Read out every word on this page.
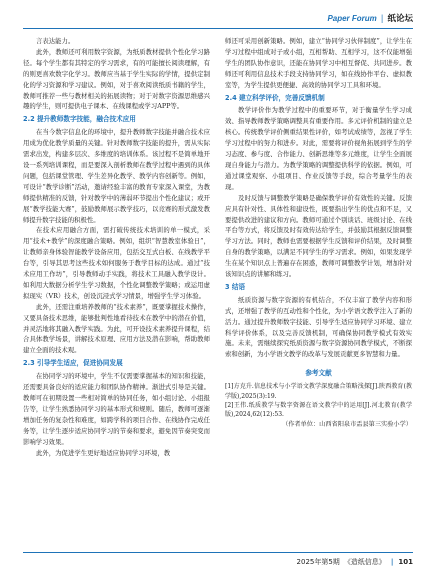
Paper Forum | 纸论坛

言表达能力。

此外，教师还可利用数字资源，为纸质教材提供个性化学习路径。每个学生都有其特定的学习需求，有的可能擅长阅读理解，有的则更喜欢数字化学习。教师应当基于学生实际的学情，提供定制化的学习资源和学习建议。例如，对于喜欢阅读纸质书籍的学生，教师可推荐一些与教材相关的拓展读物；对于对数字资源思维感兴趣的学生，则可提供电子课本、在线课程或学习APP等。

2.2 提升教师数字技能，融合技术应用

在当今数字信息化的环境中，提升教师数字技能并融合技术应用成为优化教学质量的关键。针对教师数字技能的提升，需从实际需求出发，构建多层次、多维度的培训体系。该过程不是简单地开设一系列培训课程，而是要深入剖析教师在教学过程中遇到的具体问题，包括课堂管理、学生差异化教学、教学内容创新等。例如，可设计“教学诊断”活动，邀请经验丰富的教育专家深入课堂，为教师提供精准的反馈，针对教学中的薄弱环节提出个性化建议；或开展“教学技能大赛”，鼓励教师展示教学技巧，以竞赛的形式激发教师提升数字技能的积极性。

在技术应用融合方面，需打破传统技术培训的单一模式，采用“技术+教学”的深度融合策略。例如，组织“智慧教室体验日”，让教师亲身体验智能教学设备应用，包括交互式白板、在线教学平台等，引导其思考这些技术如何服务于教学目标的达成。通过“技术应用工作坊”，引导教师动手实践，将技术工具融入教学设计。如利用大数据分析学生学习数据，个性化调整教学策略；或运用虚拟现实（VR）技术，创设沉浸式学习情景，增强学生学习体验。

此外，还需注重培养教师的“技术素养”，既要掌握技术操作，又要具备技术思维，能够批判性地看待技术在教学中的潜在价值，并灵活地将其融入教学实践。为此，可开设技术素养提升课程，结合具体教学场景，讲解技术原理、应用方法及潜在影响，帮助教师建立全面的技术观。

2.3 引导学生适应，促进协同发展

在协同学习的环境中，学生不仅需要掌握基本的知识和技能，还需要具备良好的适应能力和团队协作精神。渐进式引导是关键。教师可在初期设置一些相对简单的协同任务，如小组讨论、小组报告等，让学生熟悉协同学习的基本形式和规则。随后，教师可逐渐增加任务的复杂性和难度，如跨学科的项目合作、在线协作完成任务等，让学生逐步适应协同学习的节奏和要求，避免因节奏突变而影响学习效果。

此外，为促进学生更好地适应协同学习环境，教

师还可采用创新策略。例如，建立“协同学习伙伴制度”，让学生在学习过程中组成对子或小组，互相帮助、互相学习，这不仅能增强学生的团队协作意识，还能在协同学习中相互督促、共同进步。教师还可利用信息技术手段支持协同学习，如在线协作平台、虚拟教室等，为学生提供更便捷、高效的协同学习工具和环境。

2.4 建立科学评价，完善反馈机制

教学评价作为教学过程中的重要环节，对于衡量学生学习成效、指导教师教学策略调整具有重要作用。多元评价机制的建立是核心。传统教学评价侧重结果性评价，如考试成绩等，忽视了学生学习过程中的努力和进步。对此，需要将评价视角拓展到学生的学习态度、参与度、合作能力、创新思维等多元维度，让学生全面展现自身能力与潜力。为教学策略的调整提供科学的依据。例如，可通过课堂观察、小组项目、作业反馈等手段，综合考量学生的表现。

及时反馈与调整教学策略是确保教学评价有效性的关键。反馈应具有针对性、具体性和建设性，既要指出学生的优点和不足，又要提供改进的建议和方向。教师可通过个别谈话、班级讨论、在线平台等方式，将反馈及时有效传达给学生，并鼓励其根据反馈调整学习方法。同时，教师也需要根据学生反馈和评价结果，及时调整自身的教学策略，以满足不同学生的学习需求。例如，如果发现学生在某个知识点上普遍存在困惑，教师可调整教学计划，增加针对该知识点的讲解和练习。

3 结语

纸质资源与数字资源的有机结合，不仅丰富了教学内容和形式，还增强了教学的互动性和个性化，为小学语文教学注入了新的活力。通过提升教师数字技能、引导学生适应协同学习环境、建立科学评价体系，以及完善反馈机制，可确保协同教学模式有效实施。未来，需继续探究纸质资源与数字资源协同教学模式，不断探索和创新，为小学语文教学的改革与发展贡献更多智慧和力量。

参考文献

[1]方克升.信息技术与小学语文教学深度融合策略浅探[J].陕西教育(教学版),2025(3):19.

[2]王伟.纸质教学与数字资源在语文教学中的运用[J].河北教育(教学版),2024,62(12):53.

（作者单位：山西省阳泉市盂县第三实验小学）

2025年第5期 《造纸信息》 | 101
